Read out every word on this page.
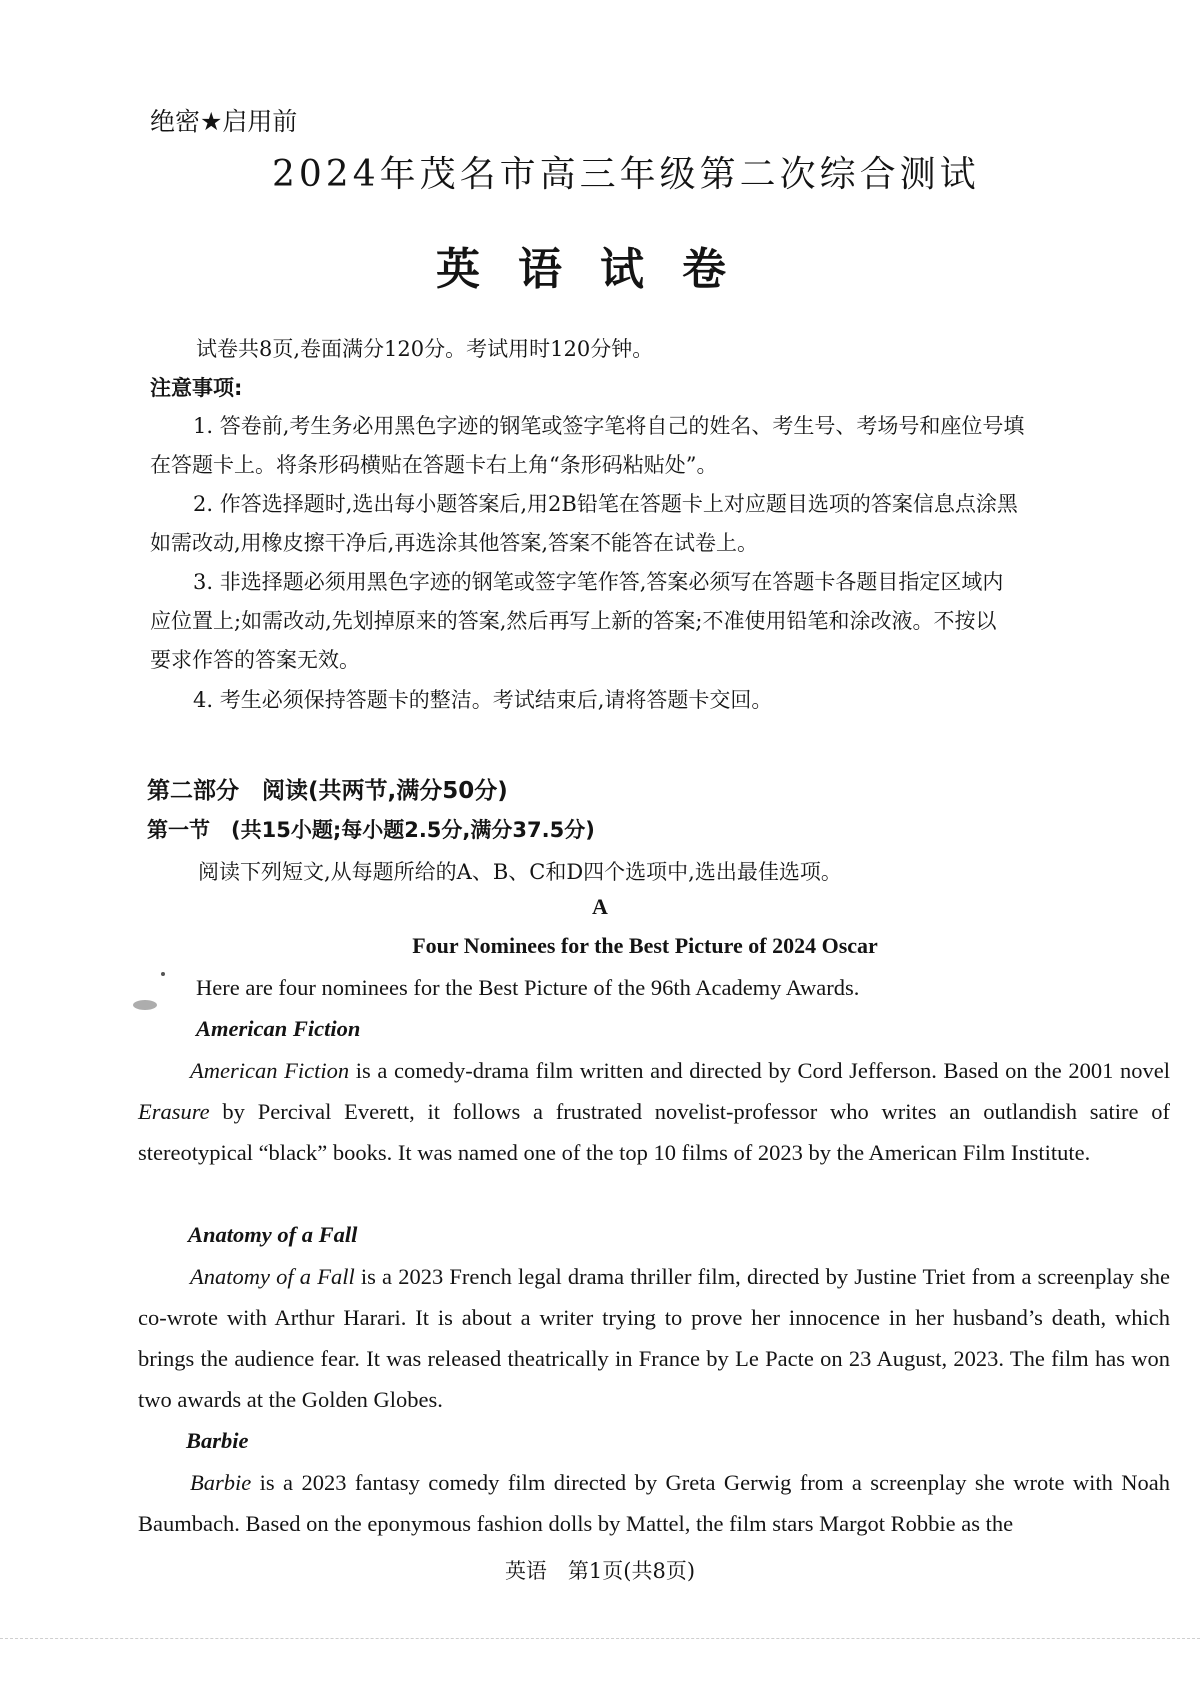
绝密★启用前
2024年茂名市高三年级第二次综合测试
英语试卷
试卷共8页,卷面满分120分。考试用时120分钟。
注意事项:
1. 答卷前,考生务必用黑色字迹的钢笔或签字笔将自己的姓名、考生号、考场号和座位号填
在答题卡上。将条形码横贴在答题卡右上角“条形码粘贴处”。
2. 作答选择题时,选出每小题答案后,用2B铅笔在答题卡上对应题目选项的答案信息点涂黑
如需改动,用橡皮擦干净后,再选涂其他答案,答案不能答在试卷上。
3. 非选择题必须用黑色字迹的钢笔或签字笔作答,答案必须写在答题卡各题目指定区域内
应位置上;如需改动,先划掉原来的答案,然后再写上新的答案;不准使用铅笔和涂改液。不按以
要求作答的答案无效。
4. 考生必须保持答题卡的整洁。考试结束后,请将答题卡交回。
第二部分　阅读(共两节,满分50分)
第一节　(共15小题;每小题2.5分,满分37.5分)
阅读下列短文,从每题所给的A、B、C和D四个选项中,选出最佳选项。
A
Four Nominees for the Best Picture of 2024 Oscar
Here are four nominees for the Best Picture of the 96th Academy Awards.
American Fiction
American Fiction is a comedy-drama film written and directed by Cord Jefferson. Based on the 2001 novel Erasure by Percival Everett, it follows a frustrated novelist-professor who writes an outlandish satire of stereotypical “black” books. It was named one of the top 10 films of 2023 by the American Film Institute.
Anatomy of a Fall
Anatomy of a Fall is a 2023 French legal drama thriller film, directed by Justine Triet from a screenplay she co-wrote with Arthur Harari. It is about a writer trying to prove her innocence in her husband’s death, which brings the audience fear. It was released theatrically in France by Le Pacte on 23 August, 2023. The film has won two awards at the Golden Globes.
Barbie
Barbie is a 2023 fantasy comedy film directed by Greta Gerwig from a screenplay she wrote with Noah Baumbach. Based on the eponymous fashion dolls by Mattel, the film stars Margot Robbie as the
英语　第1页(共8页)
